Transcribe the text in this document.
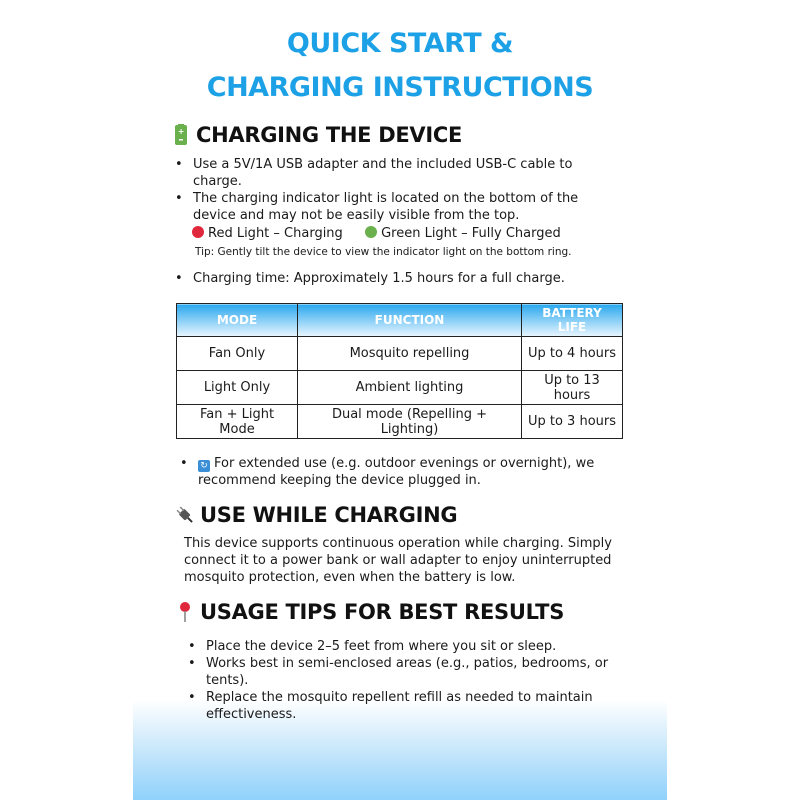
QUICK START &
CHARGING INSTRUCTIONS
+ CHARGING THE DEVICE
• Use a 5V/1A USB adapter and the included USB-C cable to charge.
• The charging indicator light is located on the bottom of the device and may not be easily visible from the top.
Red Light – Charging	Green Light – Fully Charged
Tip: Gently tilt the device to view the indicator light on the bottom ring.
• Charging time: Approximately 1.5 hours for a full charge.
MODE	FUNCTION	BATTERY LIFE
Fan Only	Mosquito repelling	Up to 4 hours
Light Only	Ambient lighting	Up to 13 hours
Fan + Light Mode	Dual mode (Repelling + Lighting)	Up to 3 hours
• ↻ For extended use (e.g. outdoor evenings or overnight), we recommend keeping the device plugged in.
USE WHILE CHARGING
This device supports continuous operation while charging. Simply connect it to a power bank or wall adapter to enjoy uninterrupted mosquito protection, even when the battery is low.
USAGE TIPS FOR BEST RESULTS
• Place the device 2–5 feet from where you sit or sleep.
• Works best in semi-enclosed areas (e.g., patios, bedrooms, or tents).
• Replace the mosquito repellent refill as needed to maintain effectiveness.
